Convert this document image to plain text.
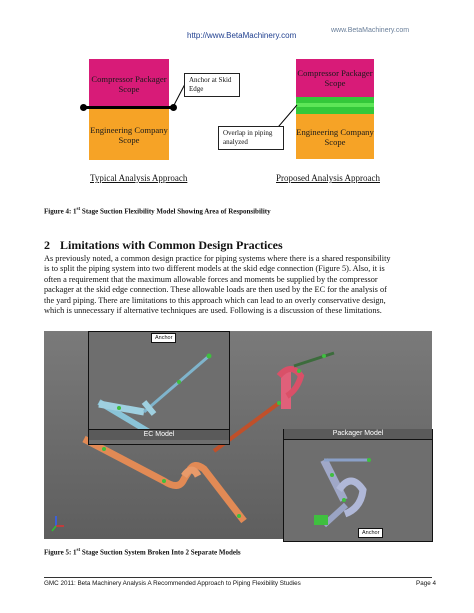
www.BetaMachinery.com
http://www.BetaMachinery.com
Compressor Packager Scope
Engineering Company Scope
Anchor at Skid Edge
Compressor Packager Scope
Engineering Company Scope
Overlap in piping analyzed
Typical Analysis Approach	Proposed Analysis Approach
Figure 4: 1st Stage Suction Flexibility Model Showing Area of Responsibility
2 Limitations with Common Design Practices
As previously noted, a common design practice for piping systems where there is a shared responsibility is to split the piping system into two different models at the skid edge connection (Figure 5). Also, it is often a requirement that the maximum allowable forces and moments be supplied by the compressor packager at the skid edge connection. These allowable loads are then used by the EC for the analysis of the yard piping. There are limitations to this approach which can lead to an overly conservative design, which is unnecessary if alternative techniques are used. Following is a discussion of these limitations.
EC Model
Anchor
Packager Model
Anchor
Figure 5: 1st Stage Suction System Broken Into 2 Separate Models
GMC 2011: Beta Machinery Analysis A Recommended Approach to Piping Flexibility Studies	Page 4
